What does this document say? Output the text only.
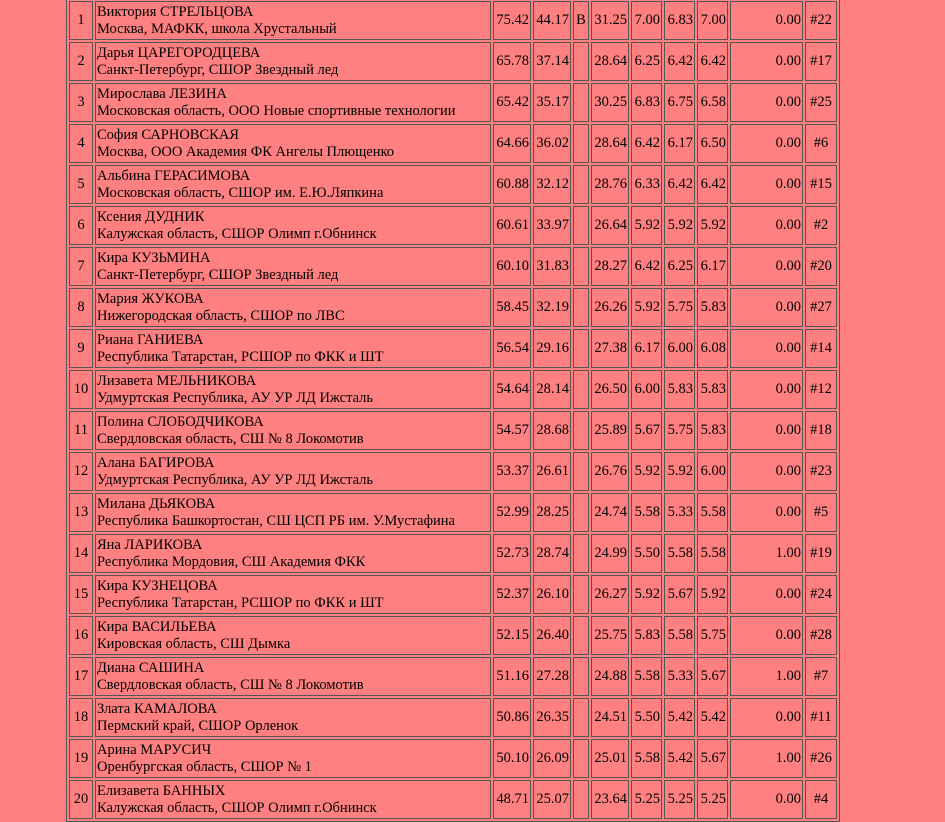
1	Виктория СТРЕЛЬЦОВА
Москва, МАФКК, школа Хрустальный	75.42	44.17	B	31.25	7.00	6.83	7.00	0.00	#22
2	Дарья ЦАРЕГОРОДЦЕВА
Санкт-Петербург, СШОР Звездный лед	65.78	37.14		28.64	6.25	6.42	6.42	0.00	#17
3	Мирослава ЛЕЗИНА
Московская область, ООО Новые спортивные технологии	65.42	35.17		30.25	6.83	6.75	6.58	0.00	#25
4	София САРНОВСКАЯ
Москва, ООО Академия ФК Ангелы Плющенко	64.66	36.02		28.64	6.42	6.17	6.50	0.00	#6
5	Альбина ГЕРАСИМОВА
Московская область, СШОР им. Е.Ю.Ляпкина	60.88	32.12		28.76	6.33	6.42	6.42	0.00	#15
6	Ксения ДУДНИК
Калужская область, СШОР Олимп г.Обнинск	60.61	33.97		26.64	5.92	5.92	5.92	0.00	#2
7	Кира КУЗЬМИНА
Санкт-Петербург, СШОР Звездный лед	60.10	31.83		28.27	6.42	6.25	6.17	0.00	#20
8	Мария ЖУКОВА
Нижегородская область, СШОР по ЛВС	58.45	32.19		26.26	5.92	5.75	5.83	0.00	#27
9	Риана ГАНИЕВА
Республика Татарстан, РСШОР по ФКК и ШТ	56.54	29.16		27.38	6.17	6.00	6.08	0.00	#14
10	Лизавета МЕЛЬНИКОВА
Удмуртская Республика, АУ УР ЛД Ижсталь	54.64	28.14		26.50	6.00	5.83	5.83	0.00	#12
11	Полина СЛОБОДЧИКОВА
Свердловская область, СШ № 8 Локомотив	54.57	28.68		25.89	5.67	5.75	5.83	0.00	#18
12	Алана БАГИРОВА
Удмуртская Республика, АУ УР ЛД Ижсталь	53.37	26.61		26.76	5.92	5.92	6.00	0.00	#23
13	Милана ДЬЯКОВА
Республика Башкортостан, СШ ЦСП РБ им. У.Мустафина	52.99	28.25		24.74	5.58	5.33	5.58	0.00	#5
14	Яна ЛАРИКОВА
Республика Мордовия, СШ Академия ФКК	52.73	28.74		24.99	5.50	5.58	5.58	1.00	#19
15	Кира КУЗНЕЦОВА
Республика Татарстан, РСШОР по ФКК и ШТ	52.37	26.10		26.27	5.92	5.67	5.92	0.00	#24
16	Кира ВАСИЛЬЕВА
Кировская область, СШ Дымка	52.15	26.40		25.75	5.83	5.58	5.75	0.00	#28
17	Диана САШИНА
Свердловская область, СШ № 8 Локомотив	51.16	27.28		24.88	5.58	5.33	5.67	1.00	#7
18	Злата КАМАЛОВА
Пермский край, СШОР Орленок	50.86	26.35		24.51	5.50	5.42	5.42	0.00	#11
19	Арина МАРУСИЧ
Оренбургская область, СШОР № 1	50.10	26.09		25.01	5.58	5.42	5.67	1.00	#26
20	Елизавета БАННЫХ
Калужская область, СШОР Олимп г.Обнинск	48.71	25.07		23.64	5.25	5.25	5.25	0.00	#4
